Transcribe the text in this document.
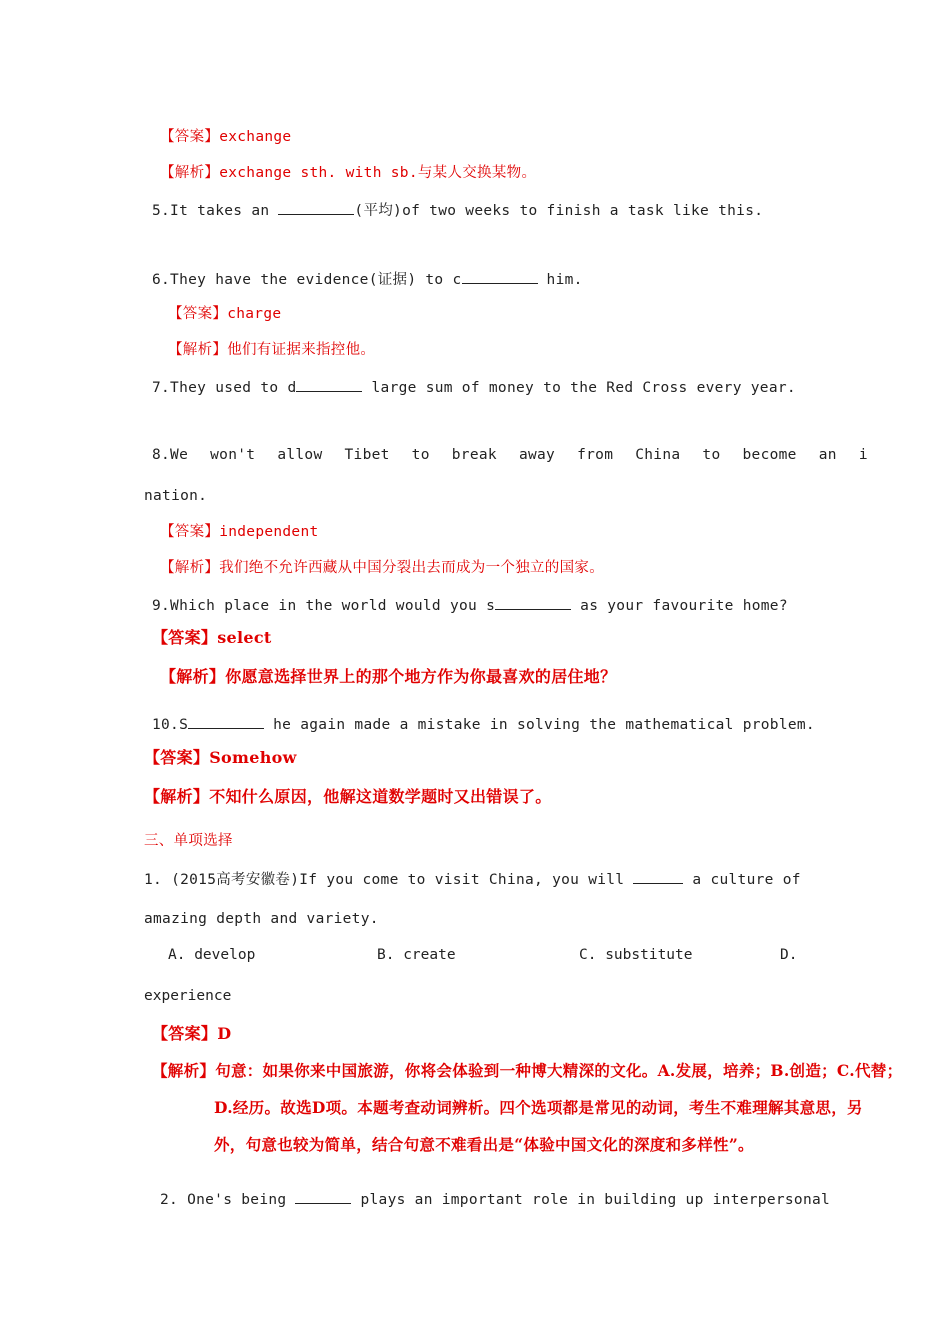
【答案】exchange
【解析】exchange sth. with sb.与某人交换某物。
5.It takes an	(平均)of two weeks to finish a task like this.
6.They have the evidence(证据) to c	him.
【答案】charge
【解析】他们有证据来指控他。
7.They used to d	large sum of money to the Red Cross every year.
8.We won't allow Tibet to break away from China to become an i
nation.
【答案】independent
【解析】我们绝不允许西藏从中国分裂出去而成为一个独立的国家。
9.Which place in the world would you s	as your favourite home?
【答案】select
【解析】你愿意选择世界上的那个地方作为你最喜欢的居住地？
10.S	he again made a mistake in solving the mathematical problem.
【答案】Somehow
【解析】不知什么原因，他解这道数学题时又出错误了。
三、单项选择
1. (2015高考安徽卷)If you come to visit China, you will	a culture of
amazing depth and variety.
A. develop	B. create	C. substitute	D.
experience
【答案】D
【解析】句意：如果你来中国旅游，你将会体验到一种博大精深的文化。A.发展，培养；B.创造；C.代替；
D.经历。故选D项。本题考查动词辨析。四个选项都是常见的动词，考生不难理解其意思，另
外，句意也较为简单，结合句意不难看出是“体验中国文化的深度和多样性”。
2. One's being	plays an important role in building up interpersonal
